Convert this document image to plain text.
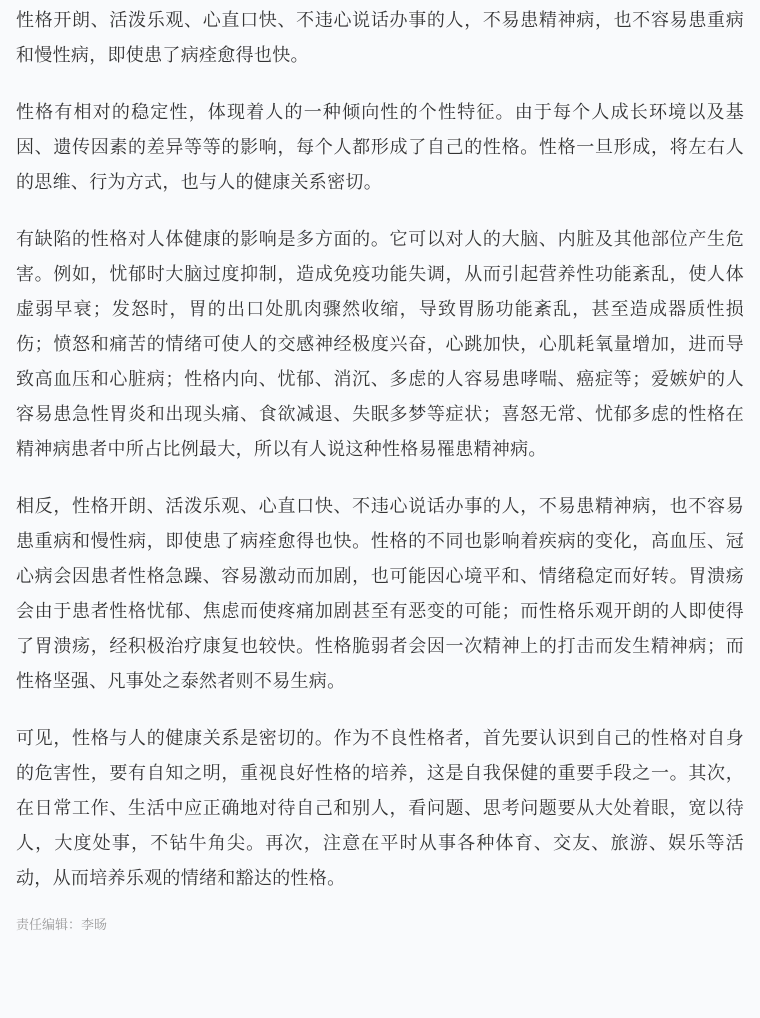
性格开朗、活泼乐观、心直口快、不违心说话办事的人，不易患精神病，也不容易患重病和慢性病，即使患了病痊愈得也快。

性格有相对的稳定性，体现着人的一种倾向性的个性特征。由于每个人成长环境以及基因、遗传因素的差异等等的影响，每个人都形成了自己的性格。性格一旦形成，将左右人的思维、行为方式，也与人的健康关系密切。

有缺陷的性格对人体健康的影响是多方面的。它可以对人的大脑、内脏及其他部位产生危害。例如，忧郁时大脑过度抑制，造成免疫功能失调，从而引起营养性功能紊乱，使人体虚弱早衰；发怒时，胃的出口处肌肉骤然收缩，导致胃肠功能紊乱，甚至造成器质性损伤；愤怒和痛苦的情绪可使人的交感神经极度兴奋，心跳加快，心肌耗氧量增加，进而导致高血压和心脏病；性格内向、忧郁、消沉、多虑的人容易患哮喘、癌症等；爱嫉妒的人容易患急性胃炎和出现头痛、食欲减退、失眠多梦等症状；喜怒无常、忧郁多虑的性格在精神病患者中所占比例最大，所以有人说这种性格易罹患精神病。

相反，性格开朗、活泼乐观、心直口快、不违心说话办事的人，不易患精神病，也不容易患重病和慢性病，即使患了病痊愈得也快。性格的不同也影响着疾病的变化，高血压、冠心病会因患者性格急躁、容易激动而加剧，也可能因心境平和、情绪稳定而好转。胃溃疡会由于患者性格忧郁、焦虑而使疼痛加剧甚至有恶变的可能；而性格乐观开朗的人即使得了胃溃疡，经积极治疗康复也较快。性格脆弱者会因一次精神上的打击而发生精神病；而性格坚强、凡事处之泰然者则不易生病。

可见，性格与人的健康关系是密切的。作为不良性格者，首先要认识到自己的性格对自身的危害性，要有自知之明，重视良好性格的培养，这是自我保健的重要手段之一。其次，在日常工作、生活中应正确地对待自己和别人，看问题、思考问题要从大处着眼，宽以待人，大度处事，不钻牛角尖。再次，注意在平时从事各种体育、交友、旅游、娱乐等活动，从而培养乐观的情绪和豁达的性格。

责任编辑：李旸
